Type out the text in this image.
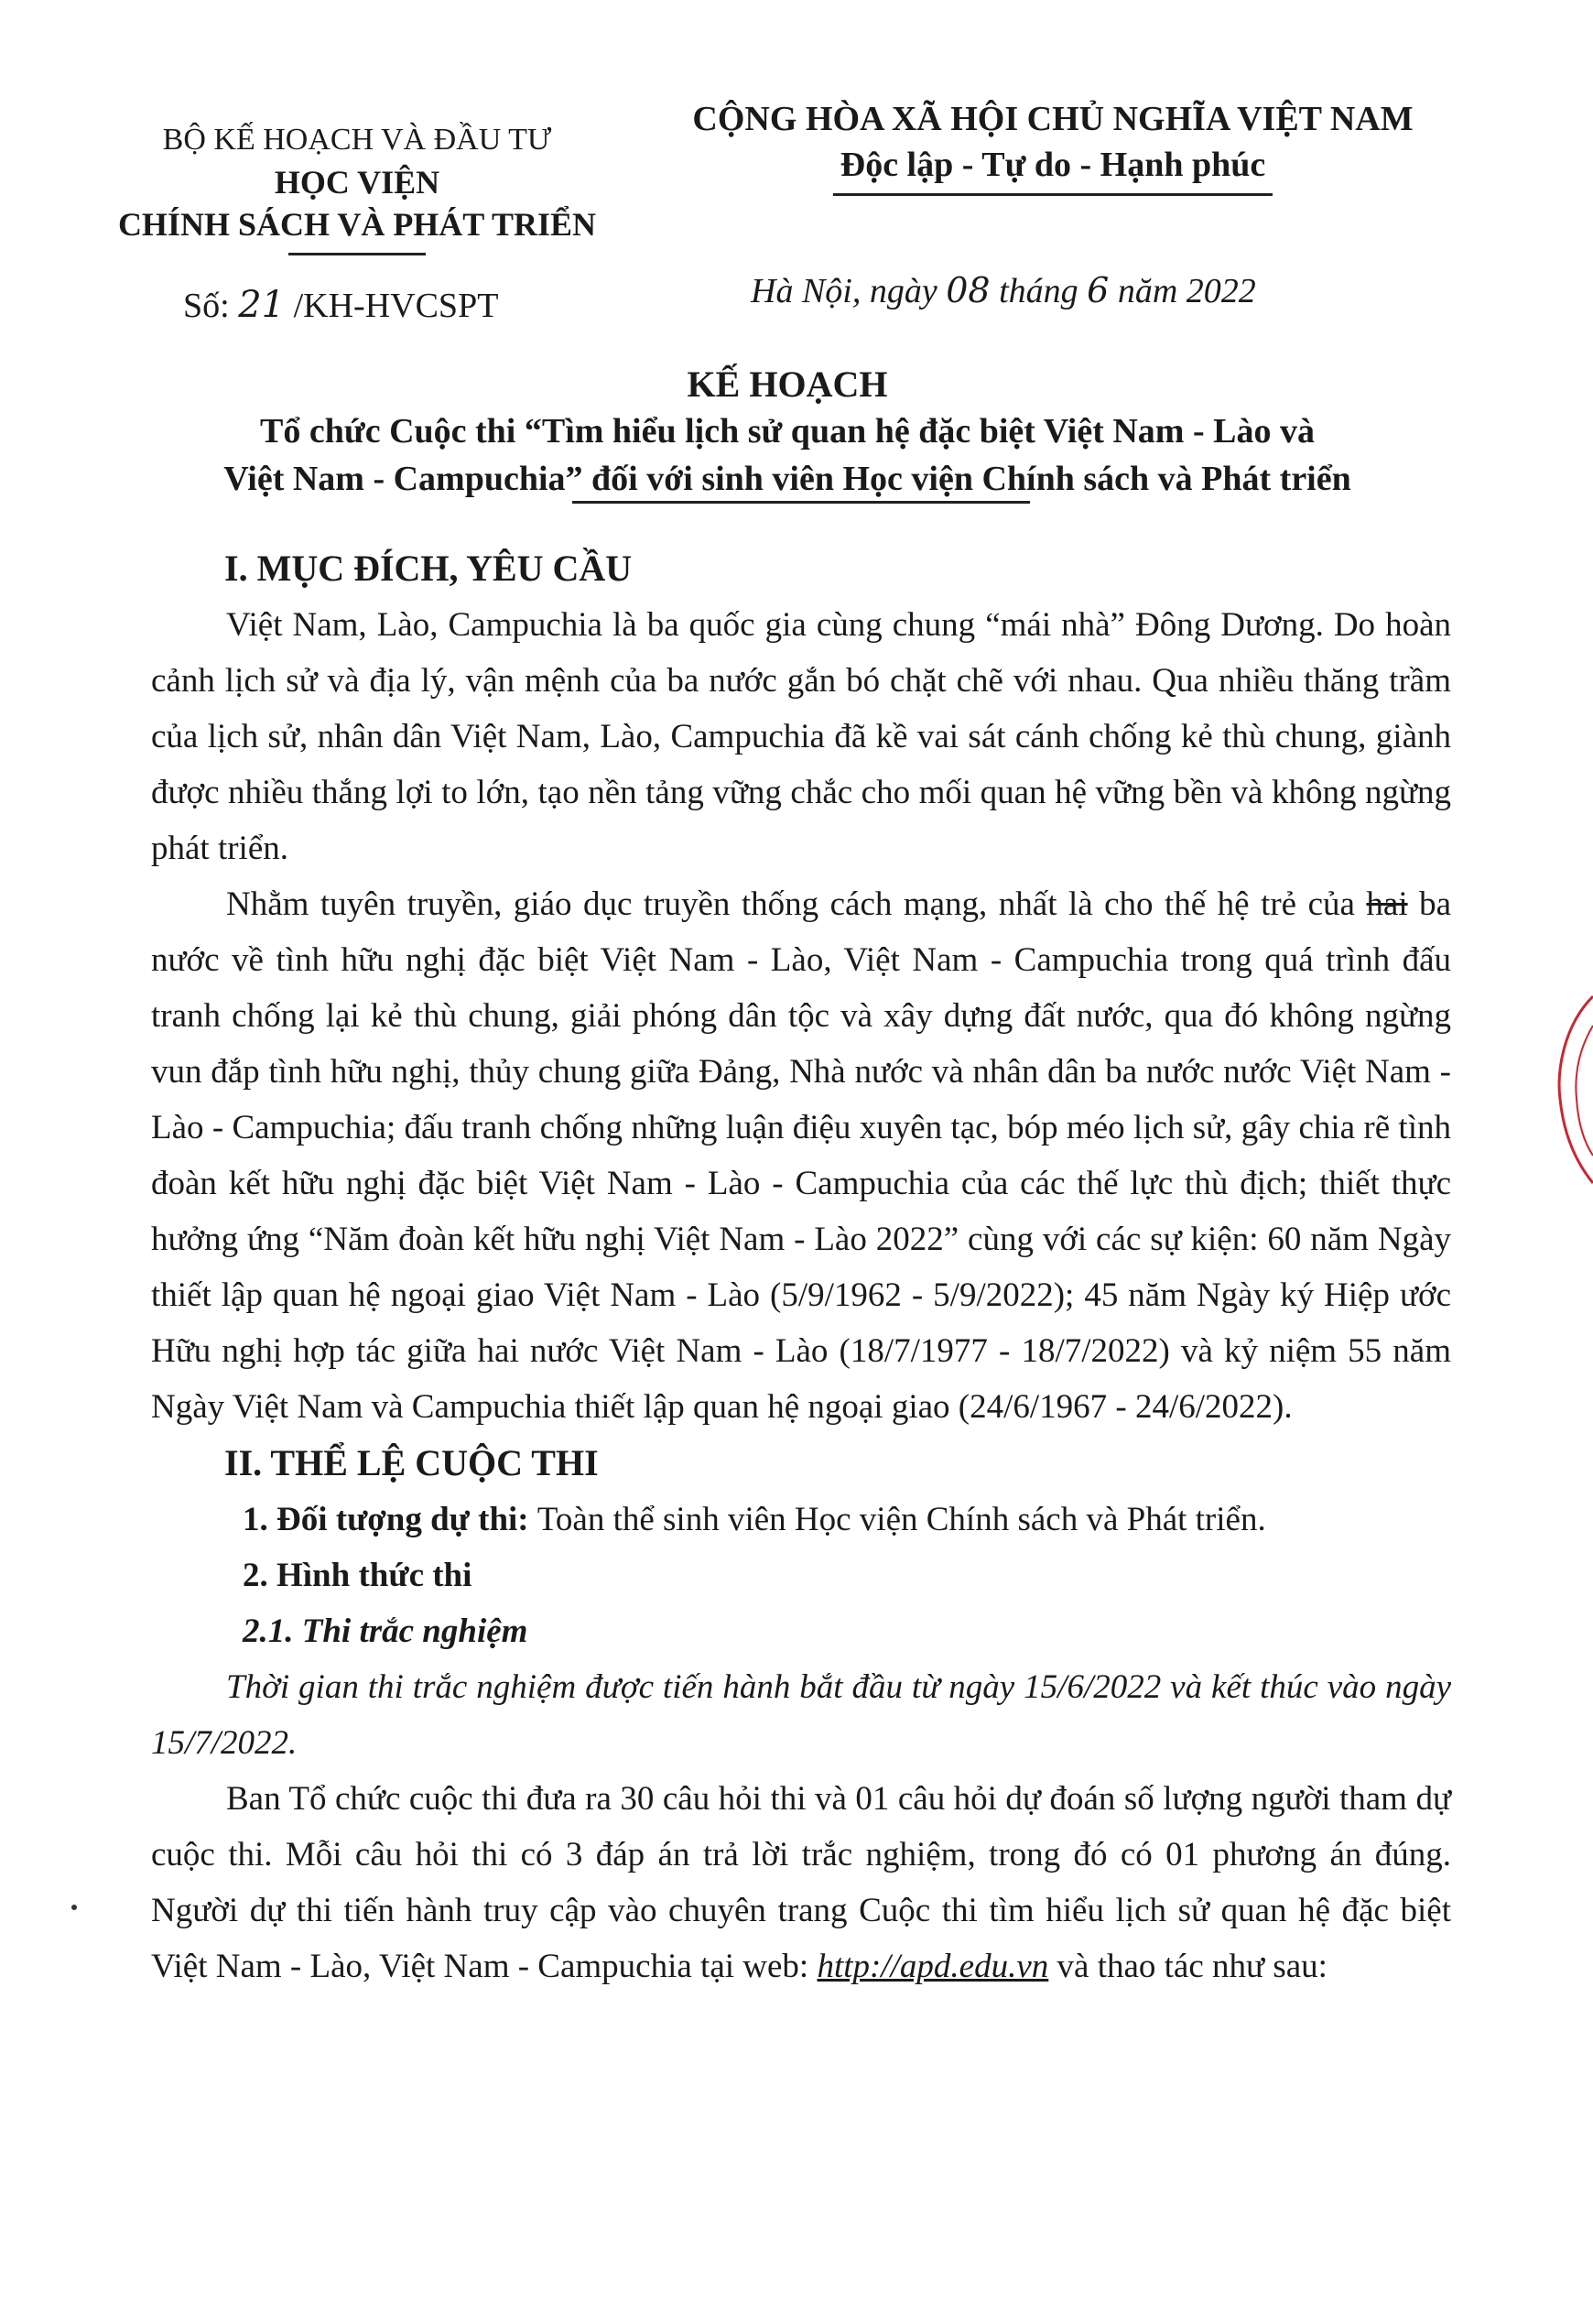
BỘ KẾ HOẠCH VÀ ĐẦU TƯ
HỌC VIỆN
CHÍNH SÁCH VÀ PHÁT TRIỂN
CỘNG HÒA XÃ HỘI CHỦ NGHĨA VIỆT NAM
Độc lập - Tự do - Hạnh phúc
Số: 21 /KH-HVCSPT	Hà Nội, ngày 08 tháng 6 năm 2022
KẾ HOẠCH
Tổ chức Cuộc thi “Tìm hiểu lịch sử quan hệ đặc biệt Việt Nam - Lào và
Việt Nam - Campuchia” đối với sinh viên Học viện Chính sách và Phát triển

I. MỤC ĐÍCH, YÊU CẦU

Việt Nam, Lào, Campuchia là ba quốc gia cùng chung “mái nhà” Đông Dương. Do hoàn cảnh lịch sử và địa lý, vận mệnh của ba nước gắn bó chặt chẽ với nhau. Qua nhiều thăng trầm của lịch sử, nhân dân Việt Nam, Lào, Campuchia đã kề vai sát cánh chống kẻ thù chung, giành được nhiều thắng lợi to lớn, tạo nền tảng vững chắc cho mối quan hệ vững bền và không ngừng phát triển.

Nhằm tuyên truyền, giáo dục truyền thống cách mạng, nhất là cho thế hệ trẻ của hai ba nước về tình hữu nghị đặc biệt Việt Nam - Lào, Việt Nam - Campuchia trong quá trình đấu tranh chống lại kẻ thù chung, giải phóng dân tộc và xây dựng đất nước, qua đó không ngừng vun đắp tình hữu nghị, thủy chung giữa Đảng, Nhà nước và nhân dân ba nước nước Việt Nam - Lào - Campuchia; đấu tranh chống những luận điệu xuyên tạc, bóp méo lịch sử, gây chia rẽ tình đoàn kết hữu nghị đặc biệt Việt Nam - Lào - Campuchia của các thế lực thù địch; thiết thực hưởng ứng “Năm đoàn kết hữu nghị Việt Nam - Lào 2022” cùng với các sự kiện: 60 năm Ngày thiết lập quan hệ ngoại giao Việt Nam - Lào (5/9/1962 - 5/9/2022); 45 năm Ngày ký Hiệp ước Hữu nghị hợp tác giữa hai nước Việt Nam - Lào (18/7/1977 - 18/7/2022) và kỷ niệm 55 năm Ngày Việt Nam và Campuchia thiết lập quan hệ ngoại giao (24/6/1967 - 24/6/2022).

II. THỂ LỆ CUỘC THI

1. Đối tượng dự thi: Toàn thể sinh viên Học viện Chính sách và Phát triển.

2. Hình thức thi

2.1. Thi trắc nghiệm

Thời gian thi trắc nghiệm được tiến hành bắt đầu từ ngày 15/6/2022 và kết thúc vào ngày 15/7/2022.

Ban Tổ chức cuộc thi đưa ra 30 câu hỏi thi và 01 câu hỏi dự đoán số lượng người tham dự cuộc thi. Mỗi câu hỏi thi có 3 đáp án trả lời trắc nghiệm, trong đó có 01 phương án đúng. Người dự thi tiến hành truy cập vào chuyên trang Cuộc thi tìm hiểu lịch sử quan hệ đặc biệt Việt Nam - Lào, Việt Nam - Campuchia tại web: http://apd.edu.vn và thao tác như sau:
